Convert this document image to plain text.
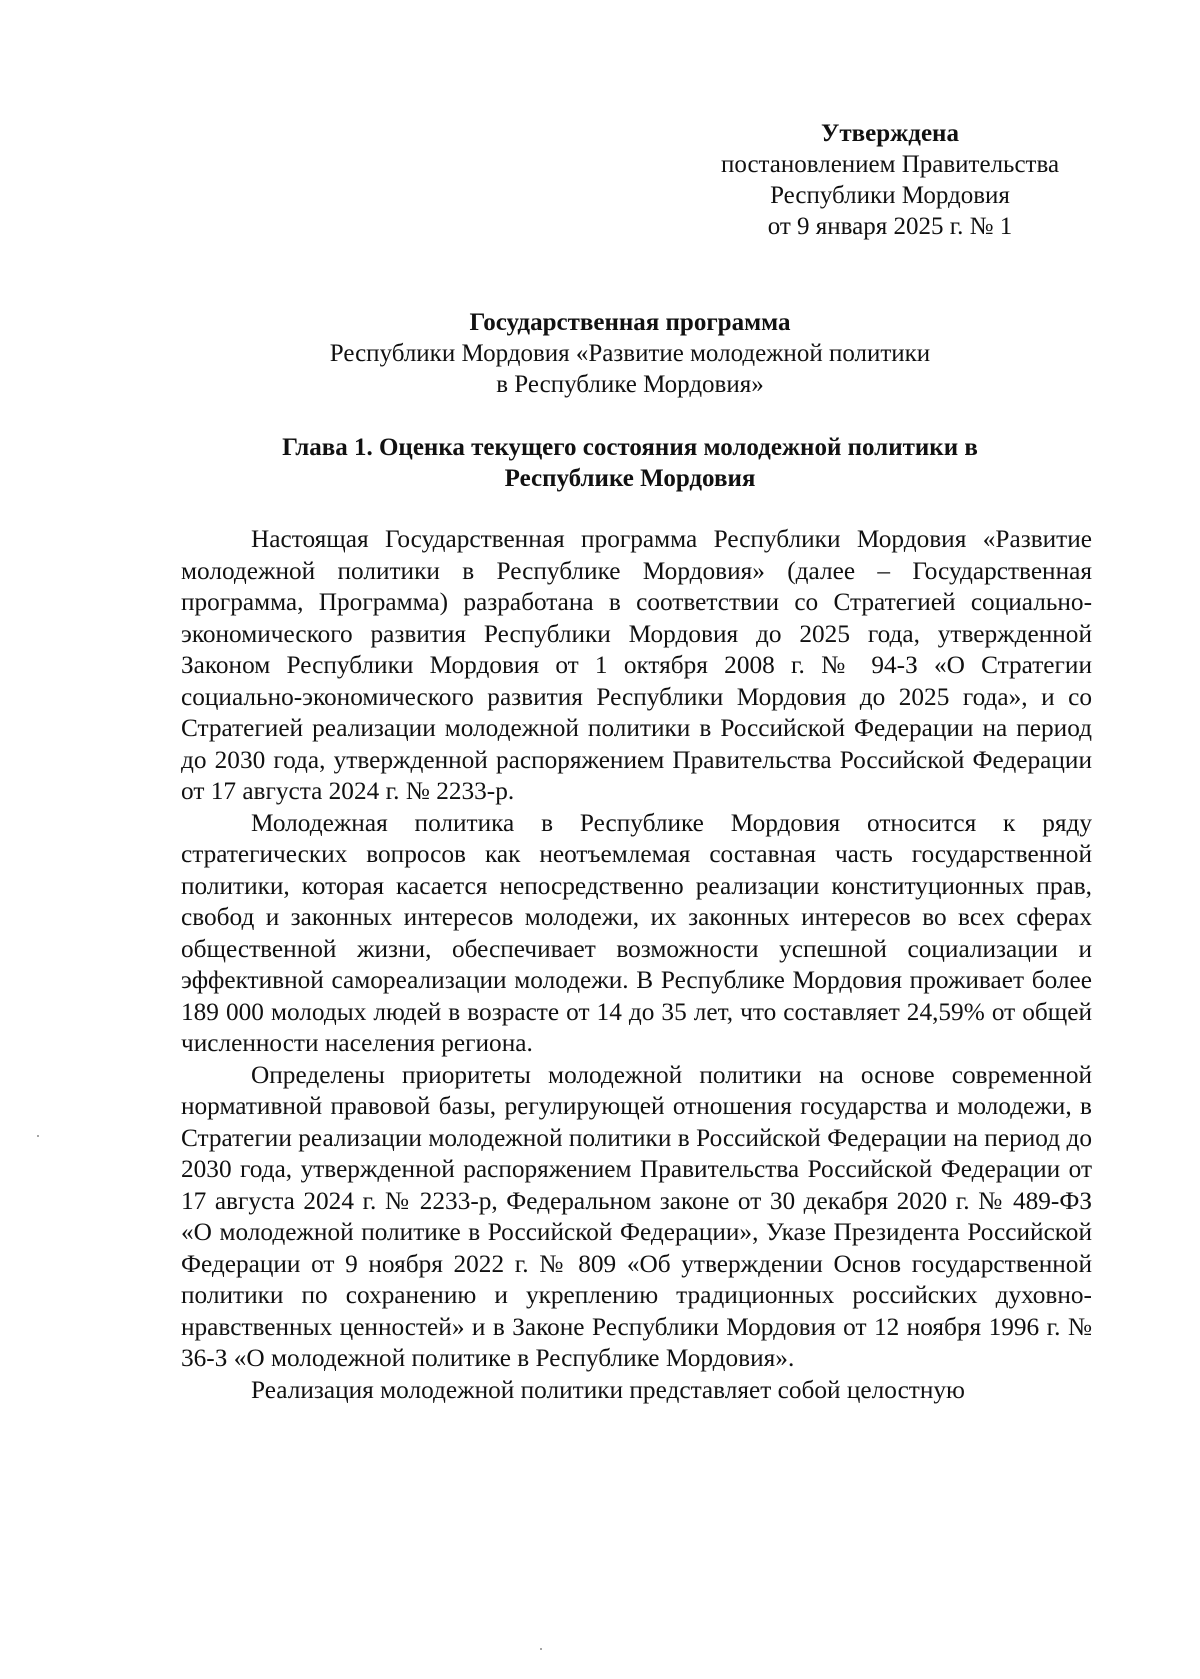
Утверждена
постановлением Правительства
Республики Мордовия
от 9 января 2025 г. № 1
Государственная программа
Республики Мордовия «Развитие молодежной политики
в Республике Мордовия»
Глава 1. Оценка текущего состояния молодежной политики в
Республике Мордовия

Настоящая Государственная программа Республики Мордовия «Развитие молодежной политики в Республике Мордовия» (далее – Государственная программа, Программа) разработана в соответствии со Стратегией социально-экономического развития Республики Мордовия до 2025 года, утвержденной Законом Республики Мордовия от 1 октября 2008 г. № 94-З «О Стратегии социально-экономического развития Республики Мордовия до 2025 года», и со Стратегией реализации молодежной политики в Российской Федерации на период до 2030 года, утвержденной распоряжением Правительства Российской Федерации от 17 августа 2024 г. № 2233-р.

Молодежная политика в Республике Мордовия относится к ряду стратегических вопросов как неотъемлемая составная часть государственной политики, которая касается непосредственно реализации конституционных прав, свобод и законных интересов молодежи, их законных интересов во всех сферах общественной жизни, обеспечивает возможности успешной социализации и эффективной самореализации молодежи. В Республике Мордовия проживает более 189 000 молодых людей в возрасте от 14 до 35 лет, что составляет 24,59% от общей численности населения региона.

Определены приоритеты молодежной политики на основе современной нормативной правовой базы, регулирующей отношения государства и молодежи, в Стратегии реализации молодежной политики в Российской Федерации на период до 2030 года, утвержденной распоряжением Правительства Российской Федерации от 17 августа 2024 г. № 2233-р, Федеральном законе от 30 декабря 2020 г. № 489-ФЗ «О молодежной политике в Российской Федерации», Указе Президента Российской Федерации от 9 ноября 2022 г. № 809 «Об утверждении Основ государственной политики по сохранению и укреплению традиционных российских духовно-нравственных ценностей» и в Законе Республики Мордовия от 12 ноября 1996 г. № 36-З «О молодежной политике в Республике Мордовия».

Реализация молодежной политики представляет собой целостную
